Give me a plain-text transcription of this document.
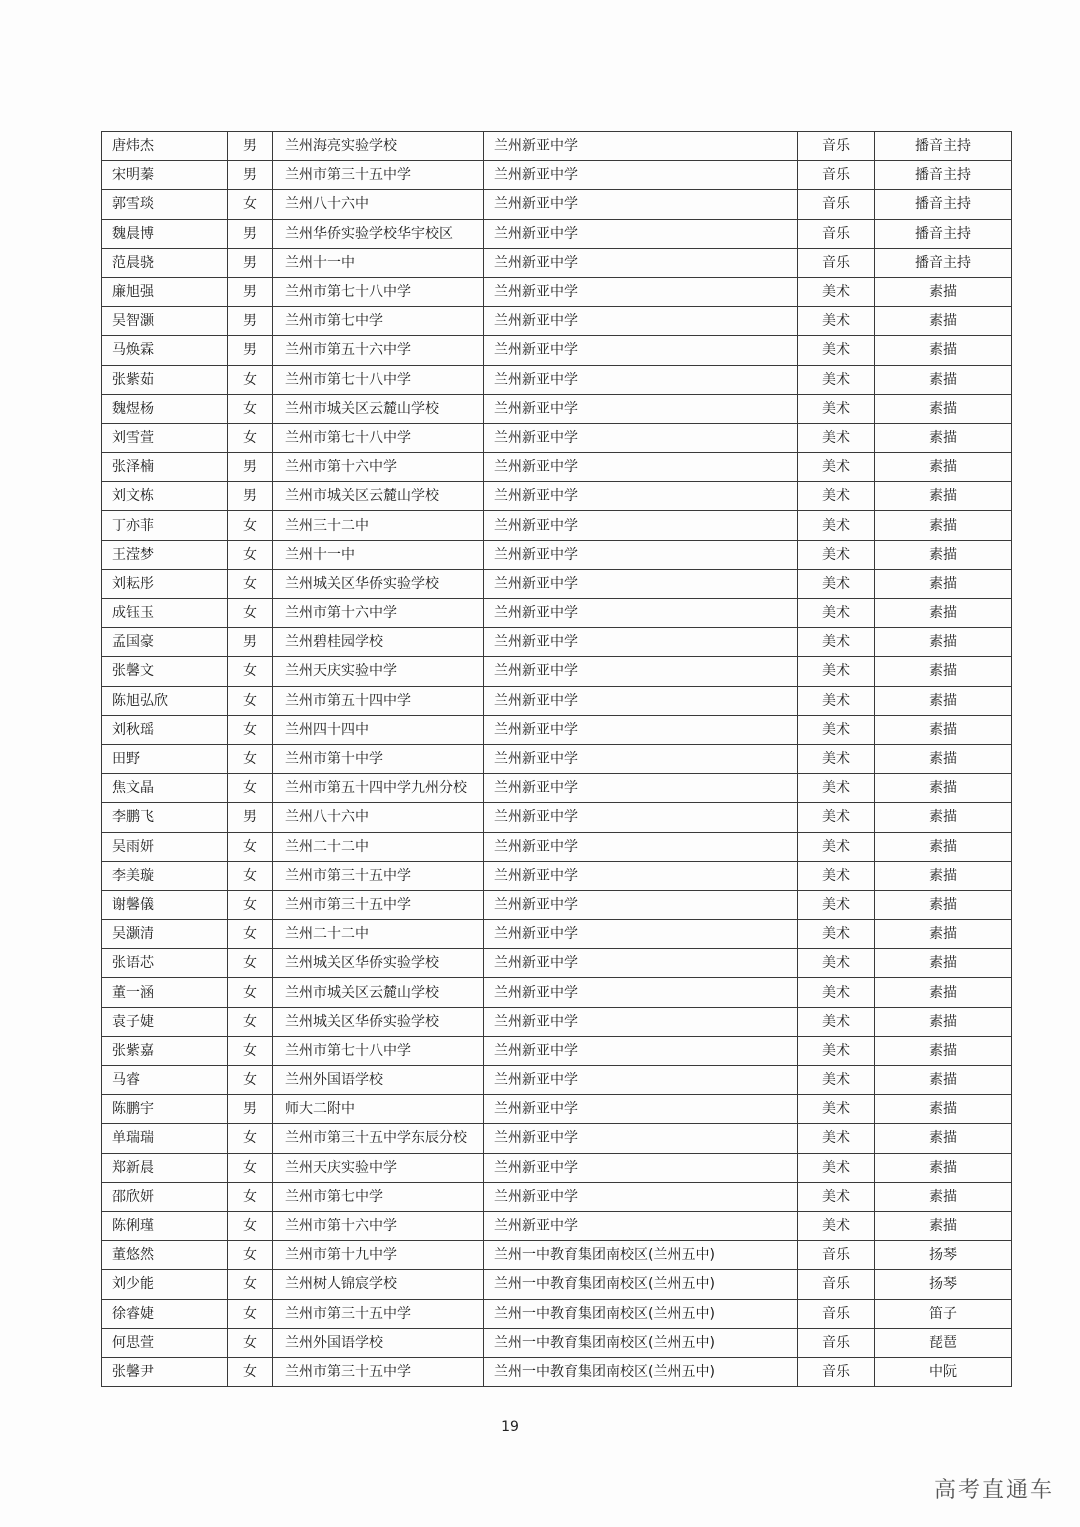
唐炜杰	男	兰州海亮实验学校	兰州新亚中学	音乐	播音主持
宋明蓁	男	兰州市第三十五中学	兰州新亚中学	音乐	播音主持
郭雪琰	女	兰州八十六中	兰州新亚中学	音乐	播音主持
魏晨博	男	兰州华侨实验学校华宇校区	兰州新亚中学	音乐	播音主持
范晨骁	男	兰州十一中	兰州新亚中学	音乐	播音主持
廉旭强	男	兰州市第七十八中学	兰州新亚中学	美术	素描
吴智灏	男	兰州市第七中学	兰州新亚中学	美术	素描
马焕霖	男	兰州市第五十六中学	兰州新亚中学	美术	素描
张紫茹	女	兰州市第七十八中学	兰州新亚中学	美术	素描
魏煜杨	女	兰州市城关区云麓山学校	兰州新亚中学	美术	素描
刘雪萱	女	兰州市第七十八中学	兰州新亚中学	美术	素描
张泽楠	男	兰州市第十六中学	兰州新亚中学	美术	素描
刘文栋	男	兰州市城关区云麓山学校	兰州新亚中学	美术	素描
丁亦菲	女	兰州三十二中	兰州新亚中学	美术	素描
王滢梦	女	兰州十一中	兰州新亚中学	美术	素描
刘耘彤	女	兰州城关区华侨实验学校	兰州新亚中学	美术	素描
成钰玉	女	兰州市第十六中学	兰州新亚中学	美术	素描
孟国豪	男	兰州碧桂园学校	兰州新亚中学	美术	素描
张馨文	女	兰州天庆实验中学	兰州新亚中学	美术	素描
陈旭弘欣	女	兰州市第五十四中学	兰州新亚中学	美术	素描
刘秋瑶	女	兰州四十四中	兰州新亚中学	美术	素描
田野	女	兰州市第十中学	兰州新亚中学	美术	素描
焦文晶	女	兰州市第五十四中学九州分校	兰州新亚中学	美术	素描
李鹏飞	男	兰州八十六中	兰州新亚中学	美术	素描
吴雨妍	女	兰州二十二中	兰州新亚中学	美术	素描
李美璇	女	兰州市第三十五中学	兰州新亚中学	美术	素描
谢馨儀	女	兰州市第三十五中学	兰州新亚中学	美术	素描
吴灏清	女	兰州二十二中	兰州新亚中学	美术	素描
张语芯	女	兰州城关区华侨实验学校	兰州新亚中学	美术	素描
董一涵	女	兰州市城关区云麓山学校	兰州新亚中学	美术	素描
袁子婕	女	兰州城关区华侨实验学校	兰州新亚中学	美术	素描
张紫嘉	女	兰州市第七十八中学	兰州新亚中学	美术	素描
马睿	女	兰州外国语学校	兰州新亚中学	美术	素描
陈鹏宇	男	师大二附中	兰州新亚中学	美术	素描
单瑞瑞	女	兰州市第三十五中学东辰分校	兰州新亚中学	美术	素描
郑新晨	女	兰州天庆实验中学	兰州新亚中学	美术	素描
邵欣妍	女	兰州市第七中学	兰州新亚中学	美术	素描
陈俐瑾	女	兰州市第十六中学	兰州新亚中学	美术	素描
董悠然	女	兰州市第十九中学	兰州一中教育集团南校区(兰州五中)	音乐	扬琴
刘少能	女	兰州树人锦宸学校	兰州一中教育集团南校区(兰州五中)	音乐	扬琴
徐睿婕	女	兰州市第三十五中学	兰州一中教育集团南校区(兰州五中)	音乐	笛子
何思萱	女	兰州外国语学校	兰州一中教育集团南校区(兰州五中)	音乐	琵琶
张馨尹	女	兰州市第三十五中学	兰州一中教育集团南校区(兰州五中)	音乐	中阮
19
高考直通车
